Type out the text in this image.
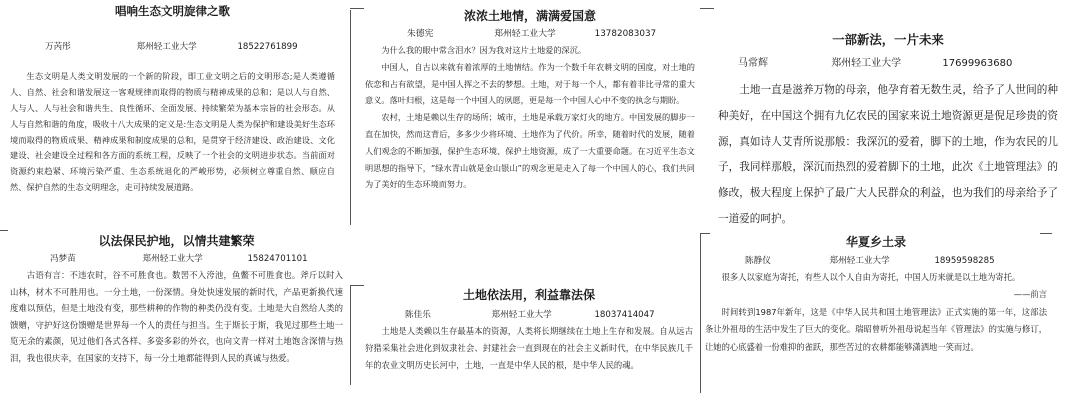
唱响生态文明旋律之歌
万芮彤	郑州轻工业大学	18522761899

生态文明是人类文明发展的一个新的阶段，即工业文明之后的文明形态;是人类遵循人、自然、社会和谐发展这一客观规律而取得的物质与精神成果的总和；是以人与自然、人与人、人与社会和谐共生、良性循环、全面发展、持续繁荣为基本宗旨的社会形态。从人与自然和谐的角度，吸收十八大成果的定义是:生态文明是人类为保护和建设美好生态环境而取得的物质成果、精神成果和制度成果的总和，是贯穿于经济建设、政治建设、文化建设、社会建设全过程和各方面的系统工程，反映了一个社会的文明进步状态。当前面对资源约束趋紧、环境污染严重、生态系统退化的严峻形势，必须树立尊重自然、顺应自然、保护自然的生态文明理念，走可持续发展道路。

浓浓土地情，满满爱国意
朱德宪	郑州轻工业大学	13782083037

为什么我的眼中常含泪水？因为我对这片土地爱的深沉。

中国人，自古以来就有着浓厚的土地情结。作为一个数千年农耕文明的国度，对土地的依恋和占有欲望，是中国人挥之不去的梦想。土地，对于每一个人，都有着非比寻常的重大意义。落叶归根，这是每一个中国人的夙愿，更是每一个中国人心中不变的执念与期盼。

农村，土地是赖以生存的场所；城市，土地是承载万家灯火的地方。中国发展的脚步一直在加快，然而这背后，多多少少将环境、土地作为了代价。所幸，随着时代的发展，随着人们观念的不断加强，保护生态环境、保护土地资源，成了一大重要命题。在习近平生态文明思想的指导下，“绿水青山就是金山银山”的观念更是走入了每一个中国人的心，我们共同为了美好的生态环境而努力。

一部新法，一片未来
马常辉	郑州轻工业大学	17699963680

土地一直是滋养万物的母亲，他孕育着无数生灵，给予了人世间的种种美好，在中国这个拥有九亿农民的国家来说土地资源更是倪足珍贵的资源，真如诗人艾青所说那般：我深沉的爱着，脚下的土地，作为农民的儿子，我同样那般，深沉而热烈的爱着脚下的土地，此次《土地管理法》的修改，极大程度上保护了最广大人民群众的利益，也为我们的母亲给予了一道爱的呵护。

以法保民护地，以情共建繁荣
冯梦苗	郑州轻工业大学	15824701101

古语有言：不违农时，谷不可胜食也。数罟不入洿池，鱼鳖不可胜食也。斧斤以时入山林，材木不可胜用也。一分土地，一份深情。身处快速发展的新时代，产品更新换代速度难以预估，但是土地没有变，那些耕种的作物的种类仍没有变。土地是大自然给人类的馈赠，守护好这份馈赠是世界每一个人的责任与担当。生于斯长于斯，我见过那些土地一览无余的素颜，见过他们各式各样、多姿多彩的外衣，也向文青一样对土地饱含深情与热泪，我也很庆幸，在国家的支持下，每一分土地都能得到人民的真诚与热爱。

土地依法用，利益靠法保
陈佳乐	郑州轻工业大学	18037414047

土地是人类赖以生存最基本的资源，人类将长期继续在土地上生存和发展。自从远古狩猎采集社会进化到奴隶社会、封建社会一直到现在的社会主义新时代，在中华民族几千年的农业文明历史长河中，土地，一直是中华人民的根，是中华人民的魂。

华夏乡土录
陈静仪	郑州轻工业大学	18959598285

很多人以家庭为寄托，有些人以个人自由为寄托，中国人历来就是以土地为寄托。

——前言

时间转到1987年新年，这是《中华人民共和国土地管理法》正式实施的第一年，这部法条让外祖母的生活中发生了巨大的变化。瑞昭曾听外祖母说起当年《管理法》的实施与修订，让她的心底盛着一份难抑的雀跃，那些苦过的农耕都能够潇洒地一笑而过。
